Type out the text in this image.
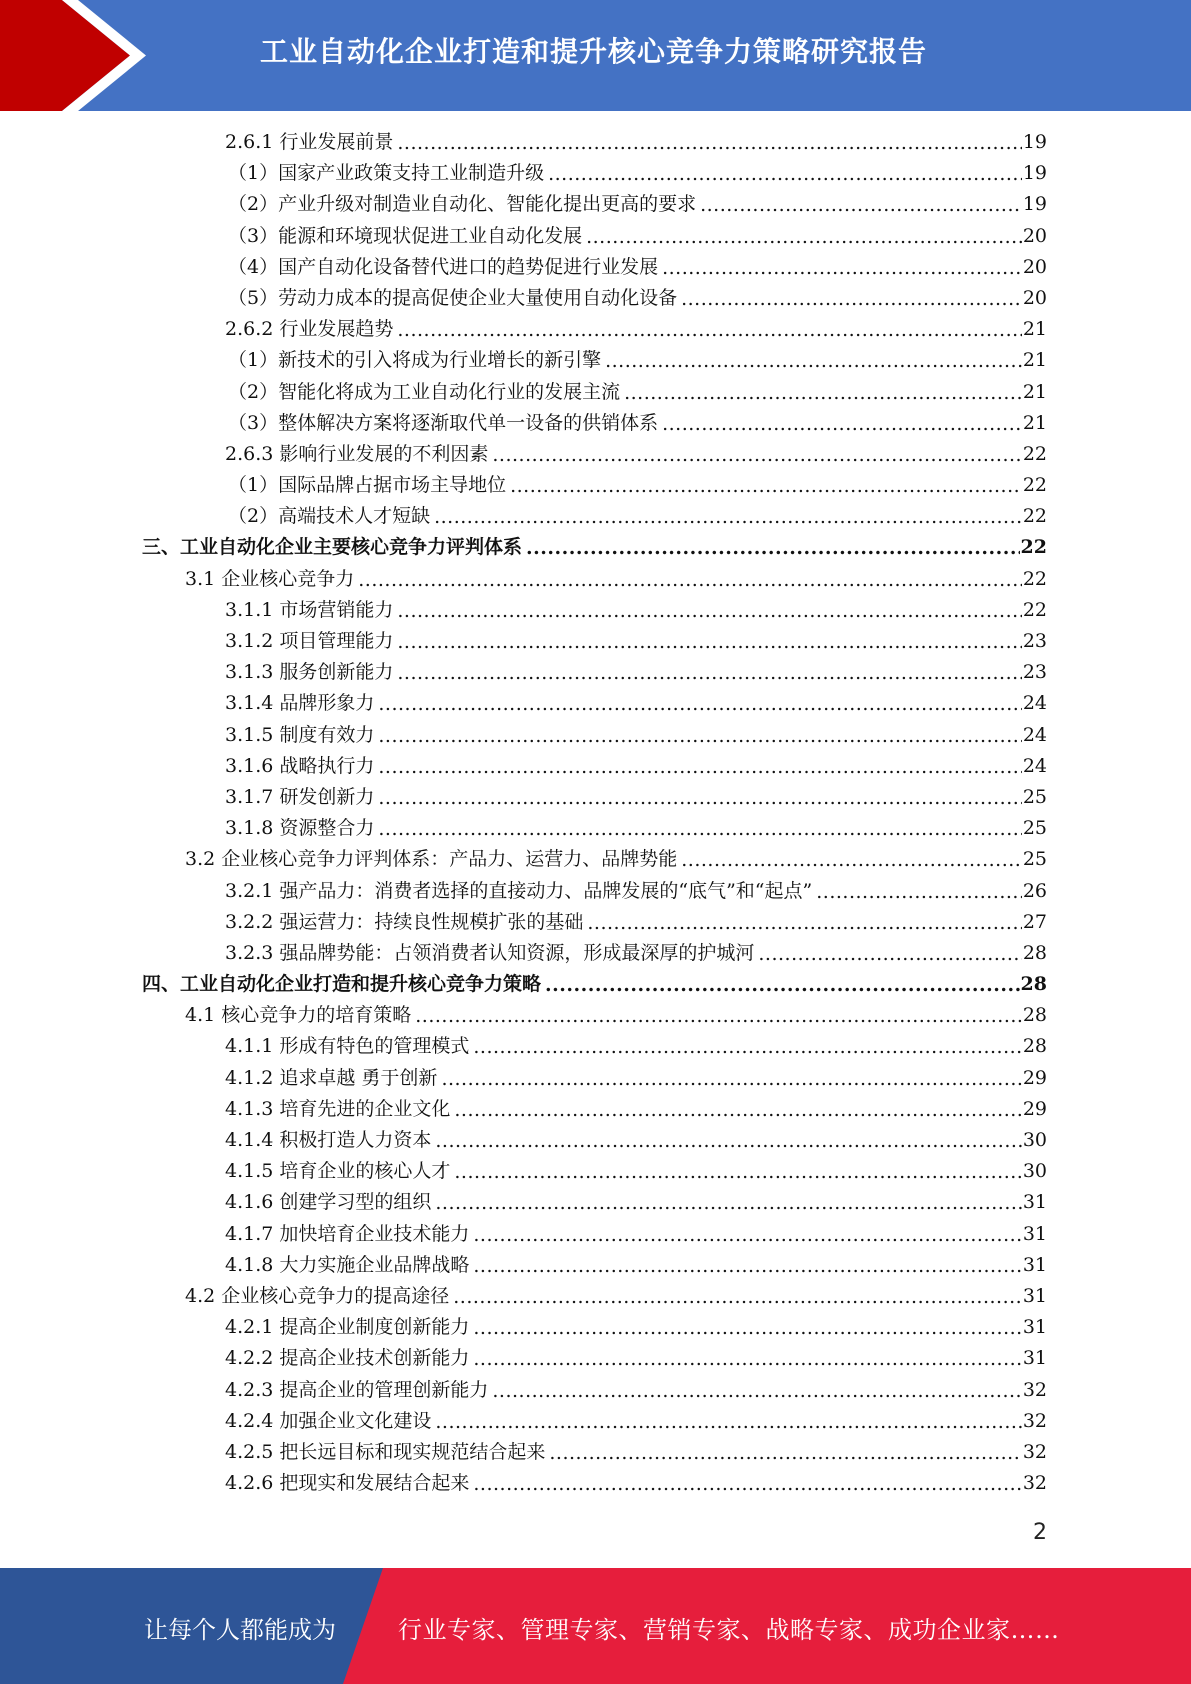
工业自动化企业打造和提升核心竞争力策略研究报告
2.6.1 行业发展前景 .....	19
（1）国家产业政策支持工业制造升级 .....	19
（2）产业升级对制造业自动化、智能化提出更高的要求 .....	19
（3）能源和环境现状促进工业自动化发展 .....	20
（4）国产自动化设备替代进口的趋势促进行业发展 .....	20
（5）劳动力成本的提高促使企业大量使用自动化设备 .....	20
2.6.2 行业发展趋势 .....	21
（1）新技术的引入将成为行业增长的新引擎 .....	21
（2）智能化将成为工业自动化行业的发展主流 .....	21
（3）整体解决方案将逐渐取代单一设备的供销体系 .....	21
2.6.3 影响行业发展的不利因素 .....	22
（1）国际品牌占据市场主导地位 .....	22
（2）高端技术人才短缺 .....	22
三、工业自动化企业主要核心竞争力评判体系 .....	22
3.1 企业核心竞争力 .....	22
3.1.1 市场营销能力 .....	22
3.1.2 项目管理能力 .....	23
3.1.3 服务创新能力 .....	23
3.1.4 品牌形象力 .....	24
3.1.5 制度有效力 .....	24
3.1.6 战略执行力 .....	24
3.1.7 研发创新力 .....	25
3.1.8 资源整合力 .....	25
3.2 企业核心竞争力评判体系：产品力、运营力、品牌势能 .....	25
3.2.1 强产品力：消费者选择的直接动力、品牌发展的“底气”和“起点” .....	26
3.2.2 强运营力：持续良性规模扩张的基础 .....	27
3.2.3 强品牌势能：占领消费者认知资源，形成最深厚的护城河 .....	28
四、工业自动化企业打造和提升核心竞争力策略 .....	28
4.1 核心竞争力的培育策略 .....	28
4.1.1 形成有特色的管理模式 .....	28
4.1.2 追求卓越 勇于创新 .....	29
4.1.3 培育先进的企业文化 .....	29
4.1.4 积极打造人力资本 .....	30
4.1.5 培育企业的核心人才 .....	30
4.1.6 创建学习型的组织 .....	31
4.1.7 加快培育企业技术能力 .....	31
4.1.8 大力实施企业品牌战略 .....	31
4.2 企业核心竞争力的提高途径 .....	31
4.2.1 提高企业制度创新能力 .....	31
4.2.2 提高企业技术创新能力 .....	31
4.2.3 提高企业的管理创新能力 .....	32
4.2.4 加强企业文化建设 .....	32
4.2.5 把长远目标和现实规范结合起来 .....	32
4.2.6 把现实和发展结合起来 .....	32
2
让每个人都能成为	行业专家、管理专家、营销专家、战略专家、成功企业家……
